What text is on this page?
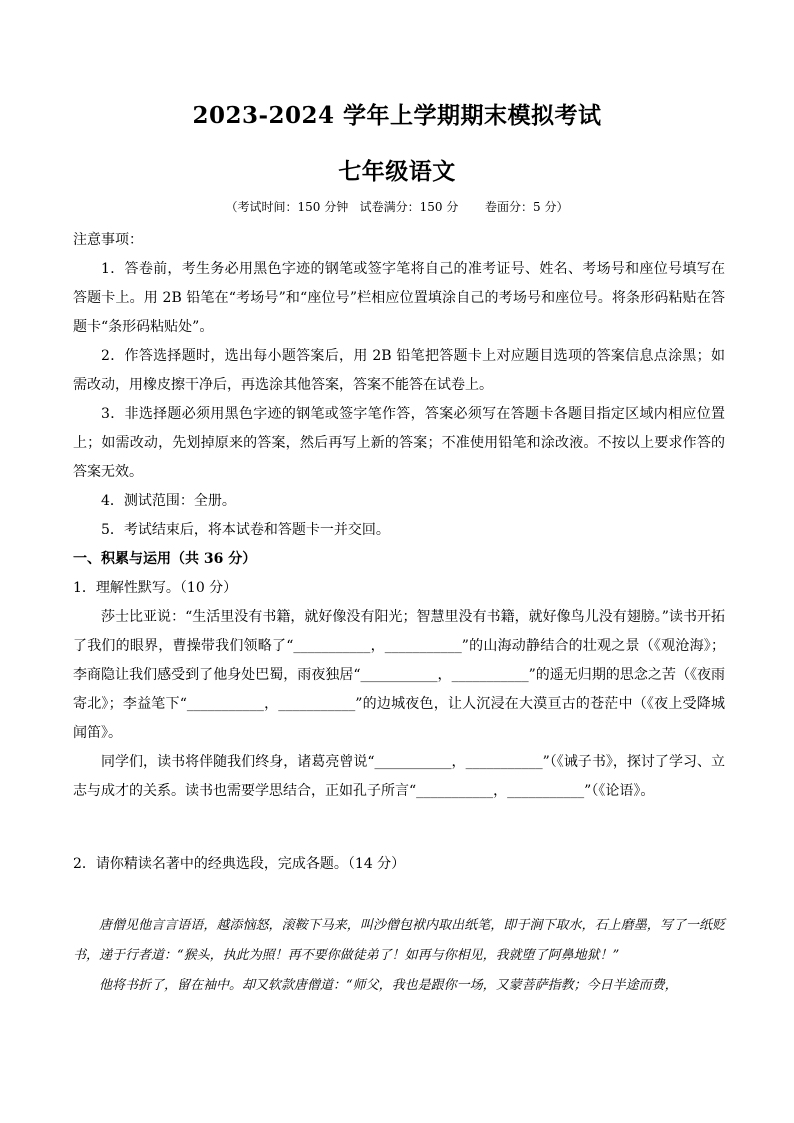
2023-2024 学年上学期期末模拟考试
七年级语文
（考试时间：150 分钟   试卷满分：150 分       卷面分：5 分）

注意事项：

1．答卷前，考生务必用黑色字迹的钢笔或签字笔将自己的准考证号、姓名、考场号和座位号填写在答题卡上。用 2B 铅笔在“考场号”和“座位号”栏相应位置填涂自己的考场号和座位号。将条形码粘贴在答题卡“条形码粘贴处”。

2．作答选择题时，选出每小题答案后，用 2B 铅笔把答题卡上对应题目选项的答案信息点涂黑；如需改动，用橡皮擦干净后，再选涂其他答案，答案不能答在试卷上。

3．非选择题必须用黑色字迹的钢笔或签字笔作答，答案必须写在答题卡各题目指定区域内相应位置上；如需改动，先划掉原来的答案，然后再写上新的答案；不准使用铅笔和涂改液。不按以上要求作答的答案无效。

4．测试范围：全册。

5．考试结束后，将本试卷和答题卡一并交回。

一、积累与运用（共 36 分）

1．理解性默写。（10 分）

莎士比亚说：“生活里没有书籍，就好像没有阳光；智慧里没有书籍，就好像鸟儿没有翅膀。”读书开拓了我们的眼界，曹操带我们领略了“___________，___________”的山海动静结合的壮观之景（《观沧海》；李商隐让我们感受到了他身处巴蜀，雨夜独居“___________，___________”的遥无归期的思念之苦（《夜雨寄北》；李益笔下“___________，___________”的边城夜色，让人沉浸在大漠亘古的苍茫中（《夜上受降城闻笛》。

同学们，读书将伴随我们终身，诸葛亮曾说“___________，___________”（《诫子书》，探讨了学习、立志与成才的关系。读书也需要学思结合，正如孔子所言“___________，___________”（《论语》。

2．请你精读名著中的经典选段，完成各题。（14 分）

唐僧见他言言语语，越添恼怒，滚鞍下马来，叫沙僧包袱内取出纸笔，即于涧下取水，石上磨墨，写了一纸贬书，递于行者道：“猴头，执此为照！再不要你做徒弟了！如再与你相见，我就堕了阿鼻地狱！”

他将书折了，留在袖中。却又软款唐僧道：“师父，我也是跟你一场，又蒙菩萨指教；今日半途而费，
